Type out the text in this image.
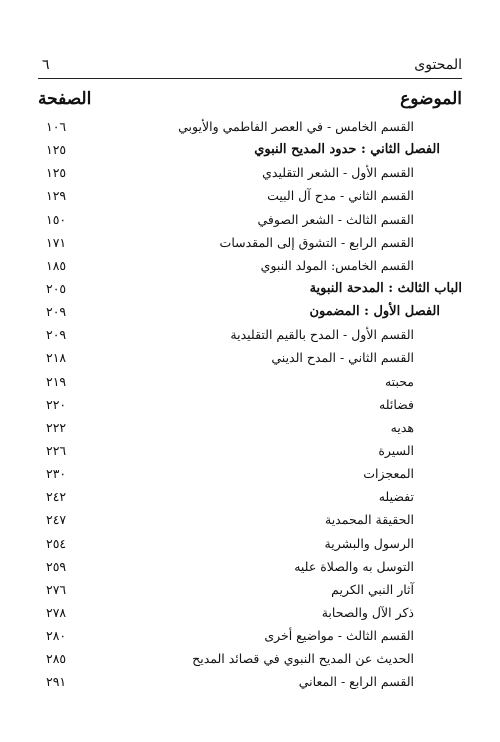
المحتوى
٦
الموضوع
الصفحة
القسم الخامس - في العصر الفاطمي والأيوبي
١٠٦
الفصل الثاني : حدود المديح النبوي
١٢٥
القسم الأول - الشعر التقليدي
١٢٥
القسم الثاني - مدح آل البيت
١٢٩
القسم الثالث - الشعر الصوفي
١٥٠
القسم الرابع - التشوق إلى المقدسات
١٧١
القسم الخامس: المولد النبوي
١٨٥
الباب الثالث : المدحة النبوية
٢٠٥
الفصل الأول : المضمون
٢٠٩
القسم الأول - المدح بالقيم التقليدية
٢٠٩
القسم الثاني - المدح الديني
٢١٨
محبته
٢١٩
فضائله
٢٢٠
هديه
٢٢٢
السيرة
٢٢٦
المعجزات
٢٣٠
تفضيله
٢٤٢
الحقيقة المحمدية
٢٤٧
الرسول والبشرية
٢٥٤
التوسل به والصلاة عليه
٢٥٩
آثار النبي الكريم
٢٧٦
ذكر الآل والصحابة
٢٧٨
القسم الثالث - مواضيع أخرى
٢٨٠
الحديث عن المديح النبوي في قصائد المديح
٢٨٥
القسم الرابع - المعاني
٢٩١
